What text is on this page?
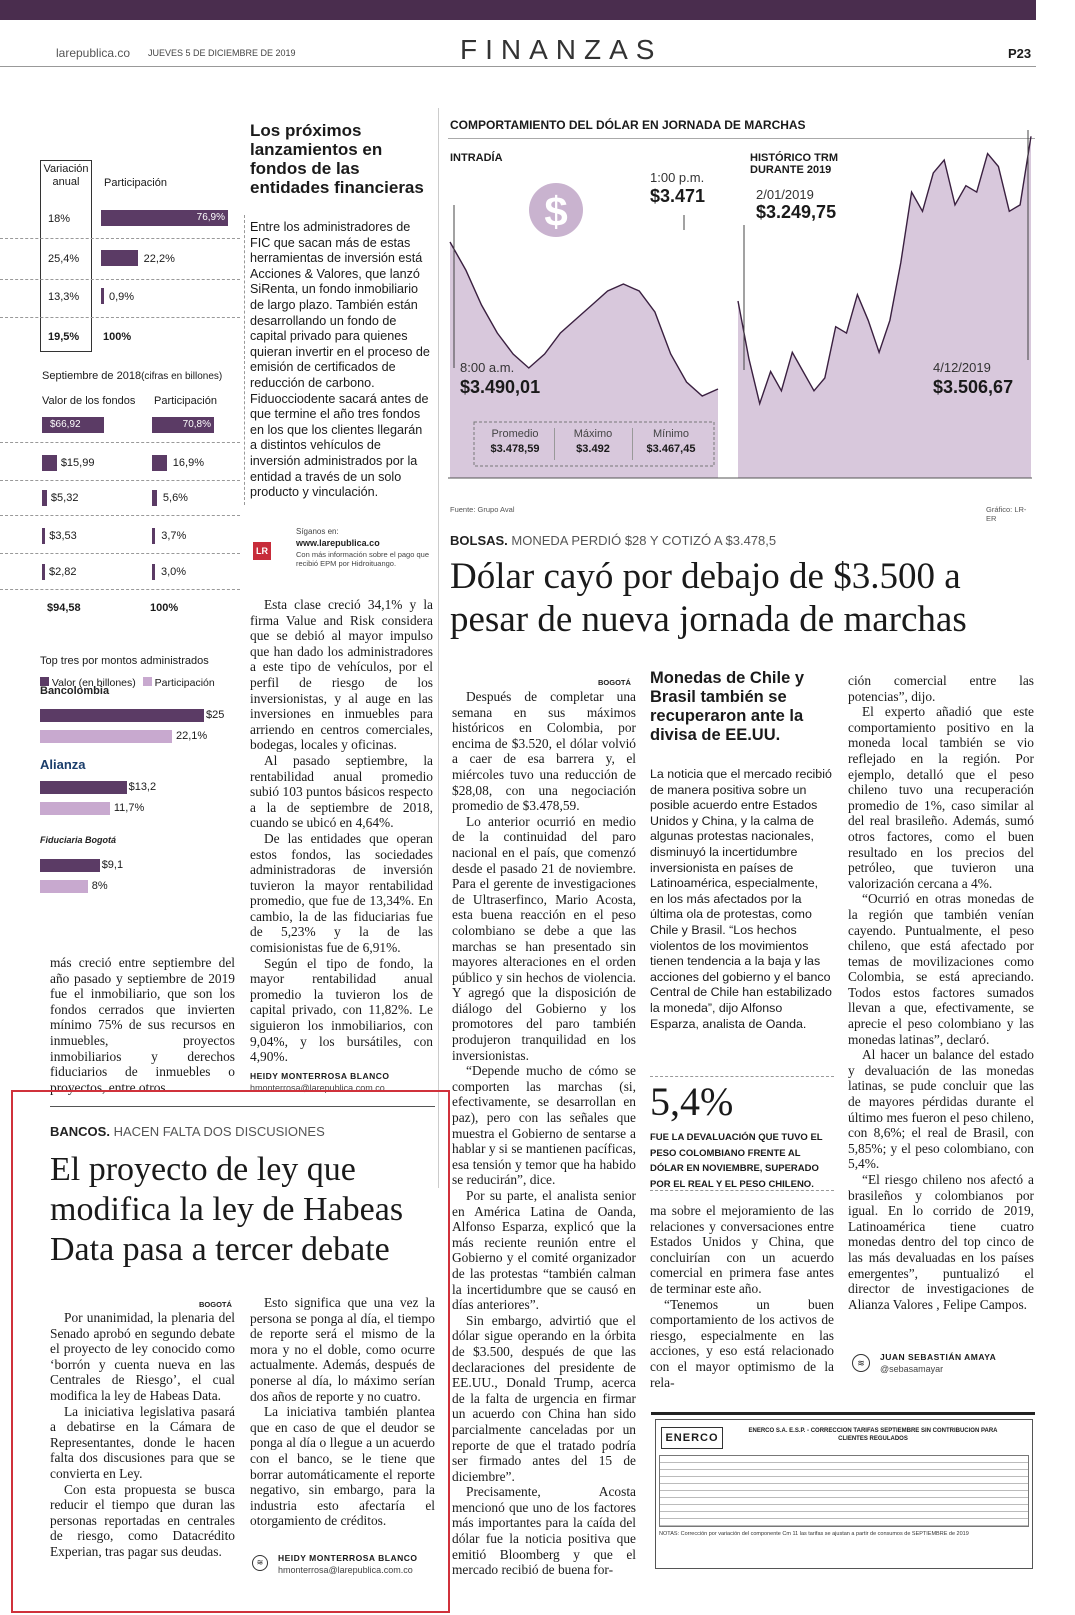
larepublica.co JUEVES 5 DE DICIEMBRE DE 2019	FINANZAS	P23
Variación anual	Participación
18%	76,9%
25,4%	22,2%
13,3%	0,9%
19,5% 100%
Septiembre de 2018(cifras en billones)
Valor de los fondos Participación
$66,92	70,8%
$15,99	16,9%
$5,32	5,6%
$3,53	3,7%
$2,82	3,0%
$94,58	100%
Top tres por montos administrados
Valor (en billones) Participación
Bancolombia
$25
22,1%
Alianza
$13,2
11,7%
Fiduciaria Bogotá
$9,1
8%
más creció entre septiembre del año pasado y septiembre de 2019 fue el inmobiliario, que son los fondos cerrados que invierten mínimo 75% de sus recursos en inmuebles, proyectos inmobiliarios y derechos fiduciarios de inmuebles o proyectos, entre otros.
Los próximos lanzamientos en fondos de las entidades financieras
Entre los administradores de FIC que sacan más de estas herramientas de inversión está Acciones & Valores, que lanzó SiRenta, un fondo inmobiliario de largo plazo. También están desarrollando un fondo de capital privado para quienes quieran invertir en el proceso de emisión de certificados de reducción de carbono. Fiduocciodente sacará antes de que termine el año tres fondos en los que los clientes llegarán a distintos vehículos de inversión administrados por la entidad a través de un solo producto y vinculación.
LR
Síganos en:
www.larepublica.co
Con más información sobre el pago que recibió EPM por Hidroituango.

Esta clase creció 34,1% y la firma Value and Risk considera que se debió al mayor impulso que han dado los administradores a este tipo de vehículos, por el perfil de riesgo de los inversionistas, y al auge en las inversiones en inmuebles para arriendo en centros comerciales, bodegas, locales y oficinas.

Al pasado septiembre, la rentabilidad anual promedio subió 103 puntos básicos respecto a la de septiembre de 2018, cuando se ubicó en 4,64%.

De las entidades que operan estos fondos, las sociedades administradoras de inversión tuvieron la mayor rentabilidad promedio, que fue de 13,34%. En cambio, la de las fiduciarias fue de 5,23% y la de las comisionistas fue de 6,91%.

Según el tipo de fondo, la mayor rentabilidad anual promedio la tuvieron los de capital privado, con 11,82%. Le siguieron los inmobiliarios, con 9,04%, y los bursátiles, con 4,90%.

HEIDY MONTERROSA BLANCO
hmonterrosa@larepublica.com.co
COMPORTAMIENTO DEL DÓLAR EN JORNADA DE MARCHAS
INTRADÍA	HISTÓRICO TRM DURANTE 2019
$
8:00 a.m.
$3.490,01
1:00 p.m.
$3.471	2/01/2019
$3.249,75
4/12/2019
$3.506,67
Promedio
$3.478,59
Máximo
$3.492
Mínimo
$3.467,45
Fuente: Grupo Aval	Gráfico: LR-ER
BOLSAS. MONEDA PERDIÓ $28 Y COTIZÓ A $3.478,5
Dólar cayó por debajo de $3.500 a pesar de nueva jornada de marchas
BOGOTÁ

Después de completar una semana en sus máximos históricos en Colombia, por encima de $3.520, el dólar volvió a caer de esa barrera y, el miércoles tuvo una reducción de $28,08, con una negociación promedio de $3.478,59.

Lo anterior ocurrió en medio de la continuidad del paro nacional en el país, que comenzó desde el pasado 21 de noviembre. Para el gerente de investigaciones de Ultraserfinco, Mario Acosta, esta buena reacción en el peso colombiano se debe a que las marchas se han presentado sin mayores alteraciones en el orden público y sin hechos de violencia. Y agregó que la disposición de diálogo del Gobierno y los promotores del paro también produjeron tranquilidad en los inversionistas.

“Depende mucho de cómo se comporten las marchas (si, efectivamente, se desarrollan en paz), pero con las señales que muestra el Gobierno de sentarse a hablar y si se mantienen pacíficas, esa tensión y temor que ha habido se reducirán”, dice.

Por su parte, el analista senior en América Latina de Oanda, Alfonso Esparza, explicó que la más reciente reunión entre el Gobierno y el comité organizador de las protestas “también calman la incertidumbre que se causó en días anteriores”.

Sin embargo, advirtió que el dólar sigue operando en la órbita de $3.500, después de que las declaraciones del presidente de EE.UU., Donald Trump, acerca de la falta de urgencia en firmar un acuerdo con China han sido parcialmente canceladas por un reporte de que el tratado podría ser firmado antes del 15 de diciembre”.

Precisamente, Acosta mencionó que uno de los factores más importantes para la caída del dólar fue la noticia positiva que emitió Bloomberg y que el mercado recibió de buena for-

Monedas de Chile y Brasil también se recuperaron ante la divisa de EE.UU.
La noticia que el mercado recibió de manera positiva sobre un posible acuerdo entre Estados Unidos y China, y la calma de algunas protestas nacionales, disminuyó la incertidumbre inversionista en países de Latinoamérica, especialmente, en los más afectados por la última ola de protestas, como Chile y Brasil. “Los hechos violentos de los movimientos tienen tendencia a la baja y las acciones del gobierno y el banco Central de Chile han estabilizado la moneda”, dijo Alfonso Esparza, analista de Oanda.
5,4%
FUE LA DEVALUACIÓN QUE TUVO EL PESO COLOMBIANO FRENTE AL DÓLAR EN NOVIEMBRE, SUPERADO POR EL REAL Y EL PESO CHILENO.

ma sobre el mejoramiento de las relaciones y conversaciones entre Estados Unidos y China, que concluirían con un acuerdo comercial en primera fase antes de terminar este año.

“Tenemos un buen comportamiento de los activos de riesgo, especialmente en las acciones, y eso está relacionado con el mayor optimismo de la rela-

ción comercial entre las potencias”, dijo.

El experto añadió que este comportamiento positivo en la moneda local también se vio reflejado en la región. Por ejemplo, detalló que el peso chileno tuvo una recuperación promedio de 1%, caso similar al del real brasileño. Además, sumó otros factores, como el buen resultado en los precios del petróleo, que tuvieron una valorización cercana a 4%.

“Ocurrió en otras monedas de la región que también venían cayendo. Puntualmente, el peso chileno, que está afectado por temas de movilizaciones como Colombia, se está apreciando. Todos estos factores sumados llevan a que, efectivamente, se aprecie el peso colombiano y las monedas latinas”, declaró.

Al hacer un balance del estado y devaluación de las monedas latinas, se pude concluir que las de mayores pérdidas durante el último mes fueron el peso chileno, con 8,6%; el real de Brasil, con 5,85%; y el peso colombiano, con 5,4%.

“El riesgo chileno nos afectó a brasileños y colombianos por igual. En lo corrido de 2019, Latinoamérica tiene cuatro monedas dentro del top cinco de las más devaluadas en los países emergentes”, puntualizó el director de investigaciones de Alianza Valores , Felipe Campos.

≋
JUAN SEBASTIÁN AMAYA
@sebasamayar
ENERCO
ENERCO S.A. E.S.P. - CORRECCION TARIFAS SEPTIEMBRE SIN CONTRIBUCION PARA CLIENTES REGULADOS
NOTAS: Corrección por variación del componente Cm 11 las tarifas se ajustan a partir de consumos de SEPTIEMBRE de 2019
BANCOS. HACEN FALTA DOS DISCUSIONES
El proyecto de ley que modifica la ley de Habeas Data pasa a tercer debate
BOGOTÁ

Por unanimidad, la plenaria del Senado aprobó en segundo debate el proyecto de ley conocido como ‘borrón y cuenta nueva en las Centrales de Riesgo’, el cual modifica la ley de Habeas Data.

La iniciativa legislativa pasará a debatirse en la Cámara de Representantes, donde le hacen falta dos discusiones para que se convierta en Ley.

Con esta propuesta se busca reducir el tiempo que duran las personas reportadas en centrales de riesgo, como Datacrédito Experian, tras pagar sus deudas.

Esto significa que una vez la persona se ponga al día, el tiempo de reporte será el mismo de la mora y no el doble, como ocurre actualmente. Además, después de ponerse al día, lo máximo serían dos años de reporte y no cuatro.

La iniciativa también plantea que en caso de que el deudor se ponga al día o llegue a un acuerdo con el banco, se le tiene que borrar automáticamente el reporte negativo, sin embargo, para la industria esto afectaría el otorgamiento de créditos.

≋	HEIDY MONTERROSA BLANCO
hmonterrosa@larepublica.com.co
